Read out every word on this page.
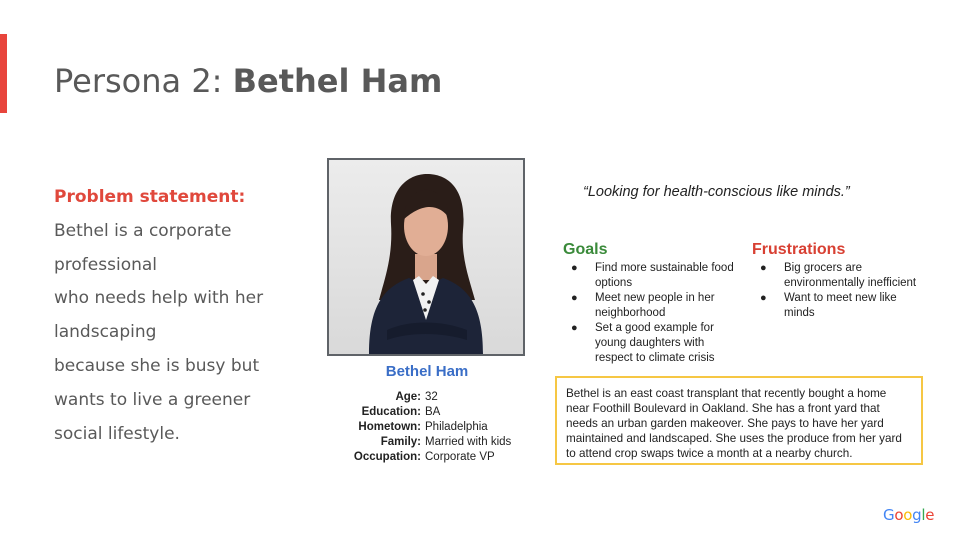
Persona 2: Bethel Ham
Problem statement:
Bethel is a corporate
professional
who needs help with her
landscaping
because she is busy but
wants to live a greener
social lifestyle.
Bethel Ham
Age: 32
Education: BA
Hometown: Philadelphia
Family: Married with kids
Occupation: Corporate VP
“Looking for health-conscious like minds.”
Goals
● Find more sustainable food options
● Meet new people in her neighborhood
● Set a good example for young daughters with respect to climate crisis
Frustrations
● Big grocers are environmentally inefficient
● Want to meet new like minds
Bethel is an east coast transplant that recently bought a home near Foothill Boulevard in Oakland. She has a front yard that needs an urban garden makeover. She pays to have her yard maintained and landscaped. She uses the produce from her yard to attend crop swaps twice a month at a nearby church.
Google
